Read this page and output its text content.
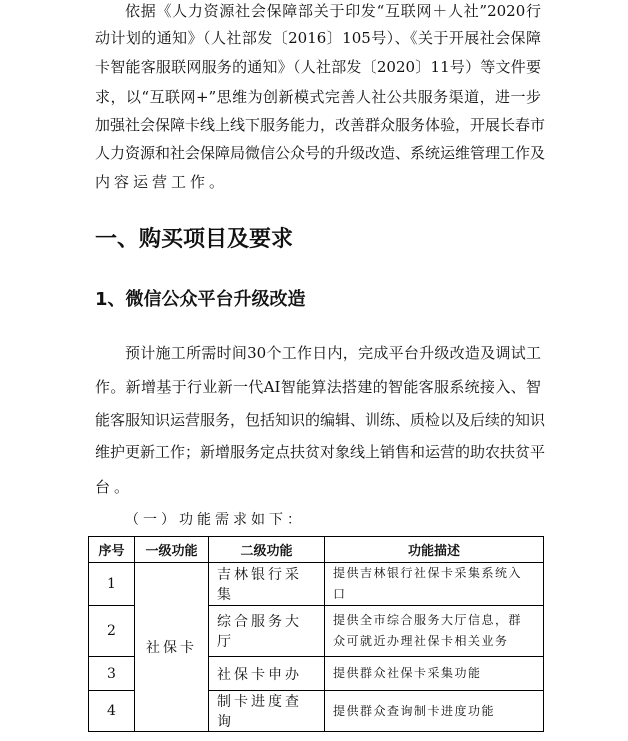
依据《人力资源社会保障部关于印发“互联网＋人社”2020行
动计划的通知》（人社部发〔2016〕105号）、《关于开展社会保障
卡智能客服联网服务的通知》（人社部发〔2020〕11号）等文件要
求，以“互联网+”思维为创新模式完善人社公共服务渠道，进一步
加强社会保障卡线上线下服务能力，改善群众服务体验，开展长春市
人力资源和社会保障局微信公众号的升级改造、系统运维管理工作及
内容运营工作。
一、购买项目及要求
1、微信公众平台升级改造
预计施工所需时间30个工作日内，完成平台升级改造及调试工
作。新增基于行业新一代AI智能算法搭建的智能客服系统接入、智
能客服知识运营服务，包括知识的编辑、训练、质检以及后续的知识
维护更新工作；新增服务定点扶贫对象线上销售和运营的助农扶贫平
台。
（一）功能需求如下：
序号	一级功能	二级功能	功能描述
1	社保卡	吉林银行采集	提供吉林银行社保卡采集系统入口
2		综合服务大厅	提供全市综合服务大厅信息，群众可就近办理社保卡相关业务
3		社保卡申办	提供群众社保卡采集功能
4		制卡进度查询	提供群众查询制卡进度功能
